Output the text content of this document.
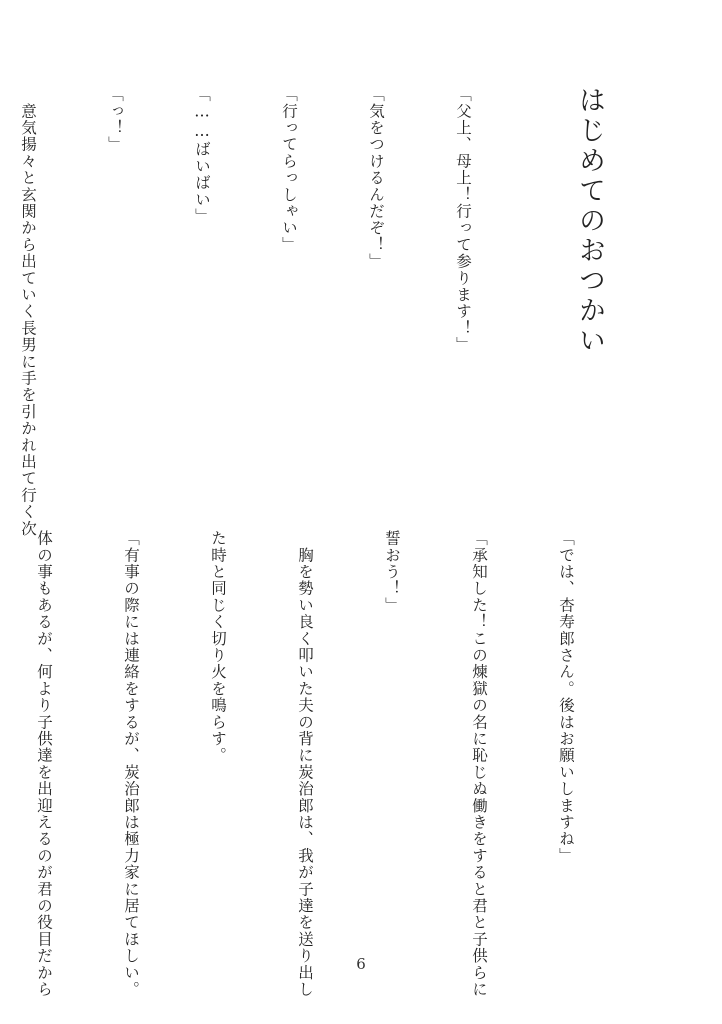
はじめてのおつかい

「父上、母上！行って参ります！」

「気をつけるんだぞ！」

「行ってらっしゃい」

「……ばいばい」

「っ！」

　意気揚々と玄関から出ていく長男に手を引かれ出て行く次

「では、杏寿郎さん。後はお願いしますね」

「承知した！この煉獄の名に恥じぬ働きをすると君と子供らに

誓おう！」

　胸を勢い良く叩いた夫の背に炭治郎は、我が子達を送り出し

た時と同じく切り火を鳴らす。

「有事の際には連絡をするが、炭治郎は極力家に居てほしい。

体の事もあるが、何より子供達を出迎えるのが君の役目だから

	6
